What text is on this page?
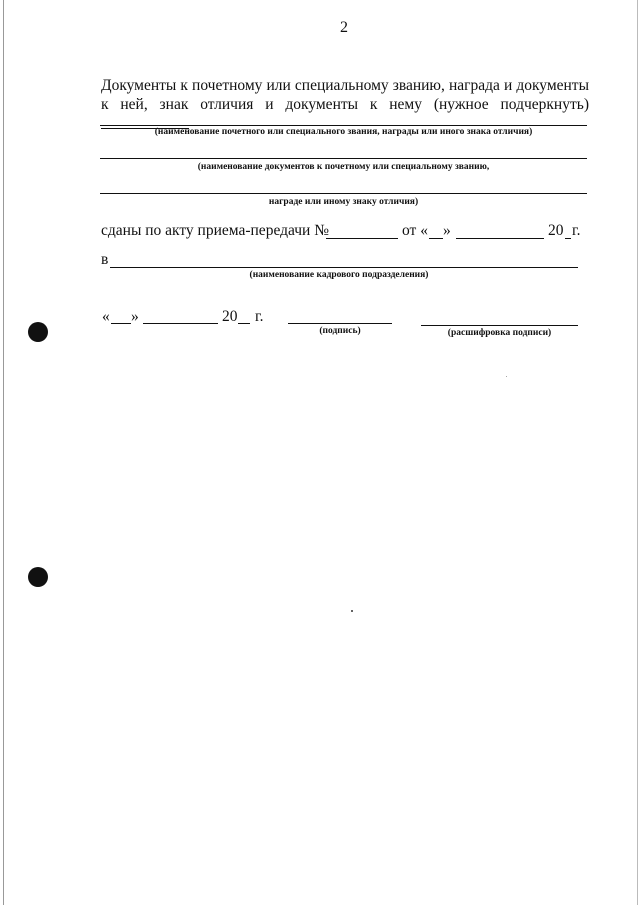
2
Документы к почетному или специальному званию, награда и документы к ней, знак отличия и документы к нему (нужное подчеркнуть)
(наименование почетного или специального звания, награды или иного знака отличия)
(наименование документов к почетному или специальному званию,
награде или иному знаку отличия)
сданы по акту приема-передачи №	от « »	20 г.
в
(наименование кадрового подразделения)
« »	20 г.
(подпись)	(расшифровка подписи)
